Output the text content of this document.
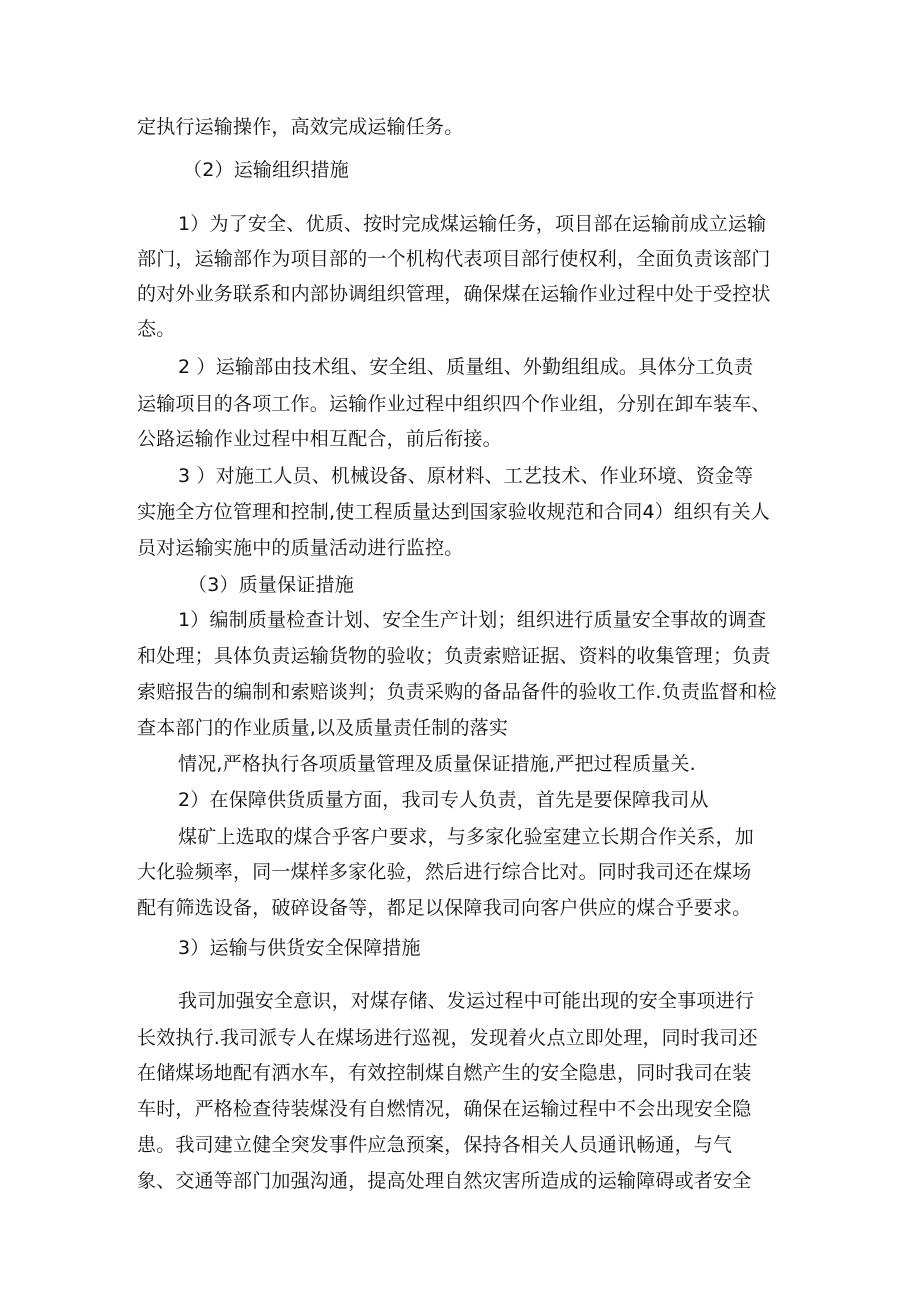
定执行运输操作，高效完成运输任务。

（2）运输组织措施

1）为了安全、优质、按时完成煤运输任务，项目部在运输前成立运输

部门，运输部作为项目部的一个机构代表项目部行使权利，全面负责该部门

的对外业务联系和内部协调组织管理，确保煤在运输作业过程中处于受控状

态。

2 ）运输部由技术组、安全组、质量组、外勤组组成。具体分工负责

运输项目的各项工作。运输作业过程中组织四个作业组，分别在卸车装车、

公路运输作业过程中相互配合，前后衔接。

3 ）对施工人员、机械设备、原材料、工艺技术、作业环境、资金等

实施全方位管理和控制,使工程质量达到国家验收规范和合同4）组织有关人

员对运输实施中的质量活动进行监控。

（3）质量保证措施

1）编制质量检查计划、安全生产计划；组织进行质量安全事故的调查

和处理；具体负责运输货物的验收；负责索赔证据、资料的收集管理；负责

索赔报告的编制和索赔谈判；负责采购的备品备件的验收工作.负责监督和检

查本部门的作业质量,以及质量责任制的落实

情况,严格执行各项质量管理及质量保证措施,严把过程质量关.

2）在保障供货质量方面，我司专人负责，首先是要保障我司从

煤矿上选取的煤合乎客户要求，与多家化验室建立长期合作关系，加

大化验频率，同一煤样多家化验，然后进行综合比对。同时我司还在煤场

配有筛选设备，破碎设备等，都足以保障我司向客户供应的煤合乎要求。

3）运输与供货安全保障措施

我司加强安全意识，对煤存储、发运过程中可能出现的安全事项进行

长效执行.我司派专人在煤场进行巡视，发现着火点立即处理，同时我司还

在储煤场地配有洒水车，有效控制煤自燃产生的安全隐患，同时我司在装

车时，严格检查待装煤没有自燃情况，确保在运输过程中不会出现安全隐

患。我司建立健全突发事件应急预案，保持各相关人员通讯畅通，与气

象、交通等部门加强沟通，提高处理自然灾害所造成的运输障碍或者安全
